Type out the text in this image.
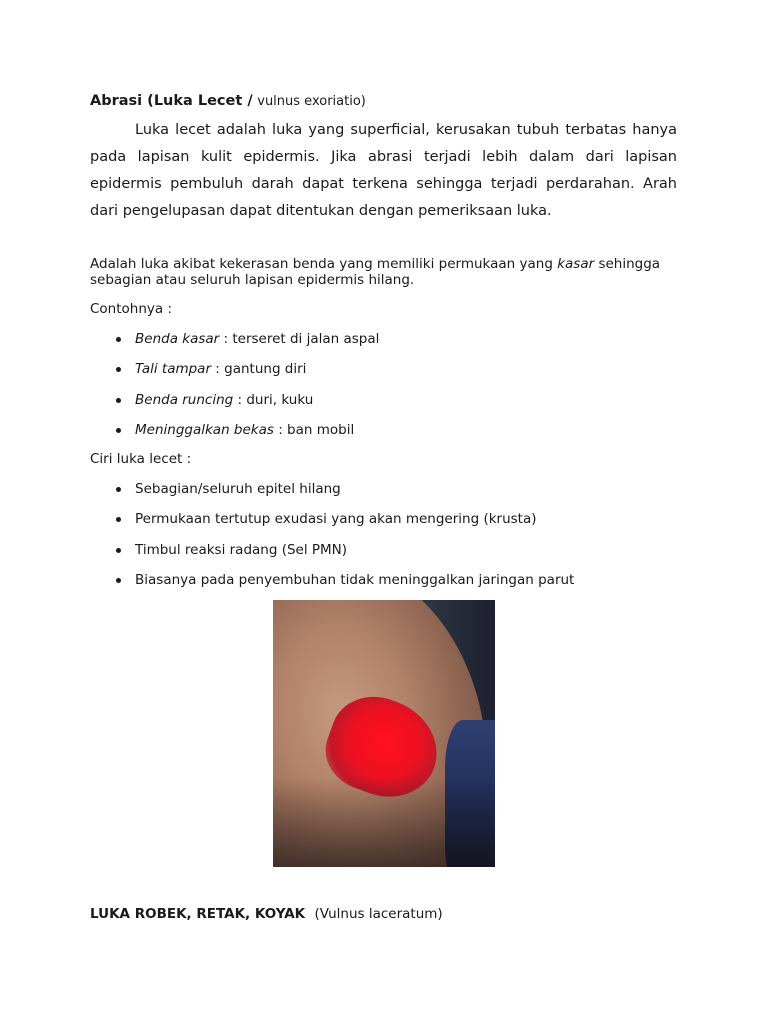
Abrasi (Luka Lecet / vulnus exoriatio)
Luka lecet adalah luka yang superficial, kerusakan tubuh terbatas hanya pada lapisan kulit epidermis. Jika abrasi terjadi lebih dalam dari lapisan epidermis pembuluh darah dapat terkena sehingga terjadi perdarahan. Arah dari pengelupasan dapat ditentukan dengan pemeriksaan luka.
Adalah luka akibat kekerasan benda yang memiliki permukaan yang kasar sehingga sebagian atau seluruh lapisan epidermis hilang.
Contohnya :
Benda kasar : terseret di jalan aspal
Tali tampar : gantung diri
Benda runcing : duri, kuku
Meninggalkan bekas : ban mobil
Ciri luka lecet :
Sebagian/seluruh epitel hilang
Permukaan tertutup exudasi yang akan mengering (krusta)
Timbul reaksi radang (Sel PMN)
Biasanya pada penyembuhan tidak meninggalkan jaringan parut
LUKA ROBEK, RETAK, KOYAK (Vulnus laceratum)
